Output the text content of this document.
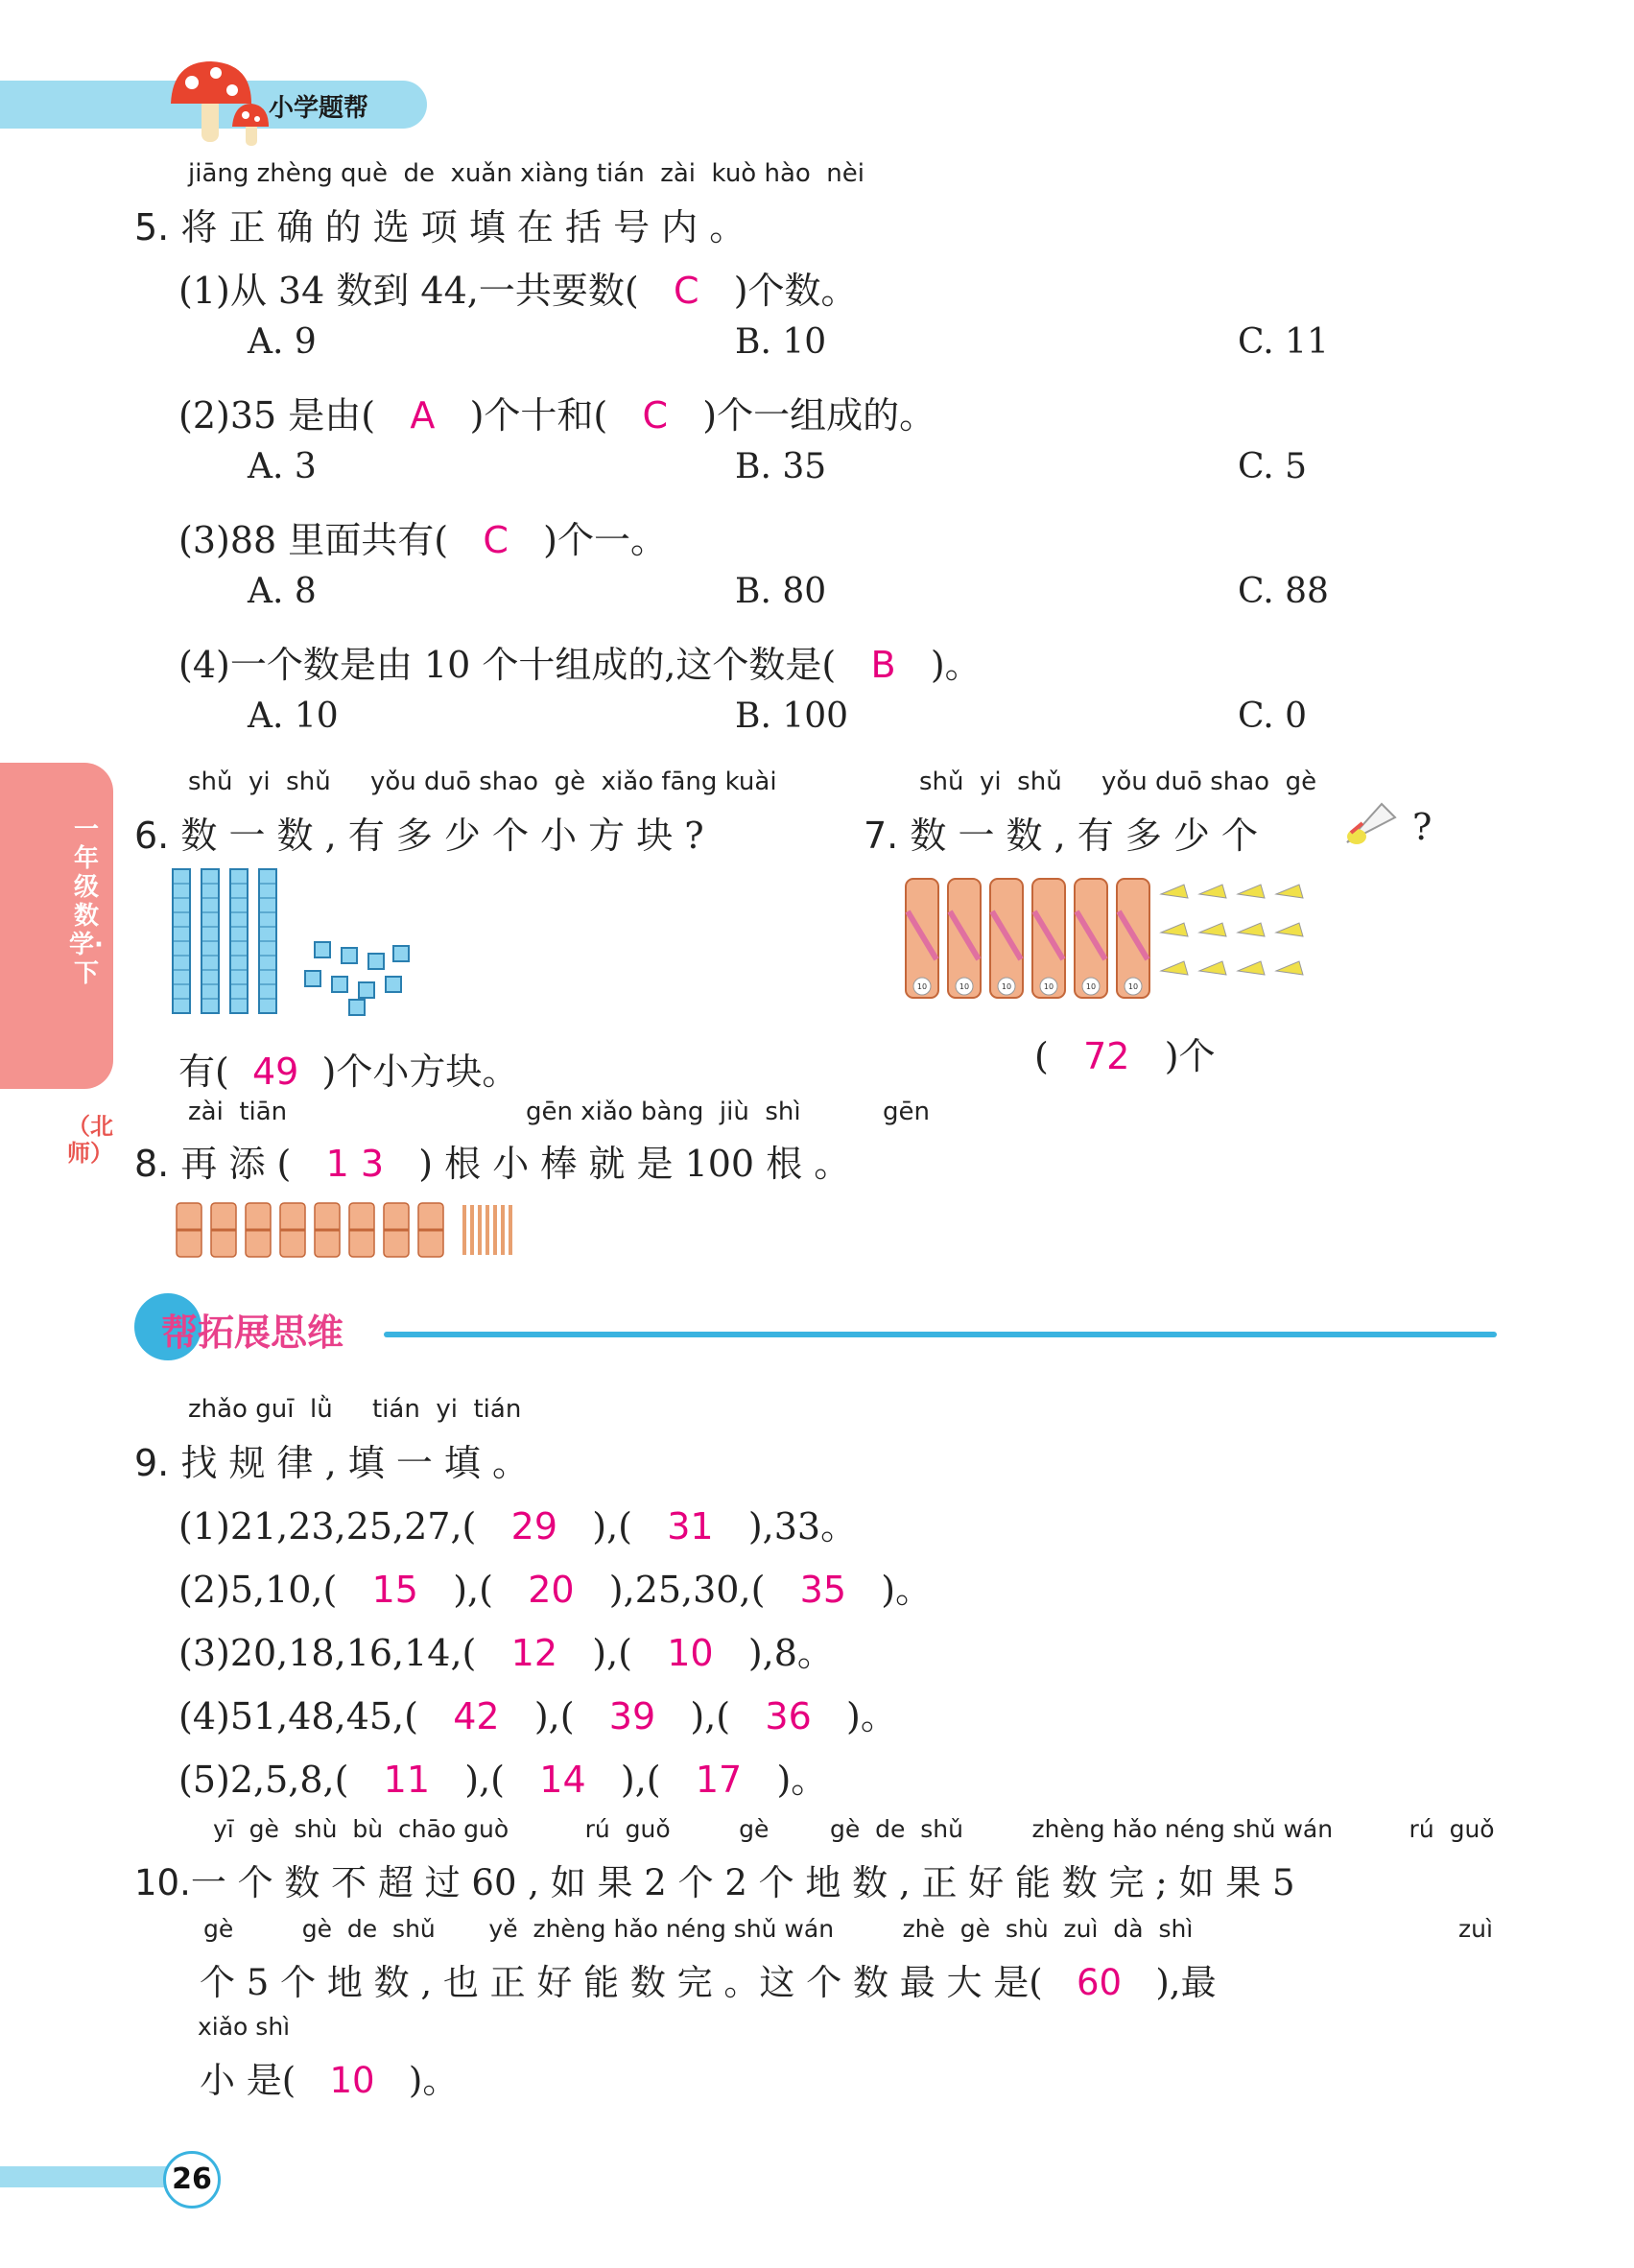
小学题帮
一年级数学·下
（北师）
jiāng zhèng què  de  xuǎn xiàng tián  zài  kuò hào  nèi
5. 将 正 确 的 选 项 填 在 括 号 内 。
(1)从 34 数到 44,一共要数( C )个数。
A. 9	B. 10	C. 11
(2)35 是由( A )个十和( C )个一组成的。
A. 3	B. 35	C. 5
(3)88 里面共有( C )个一。
A. 8	B. 80	C. 88
(4)一个数是由 10 个十组成的,这个数是( B )。
A. 10	B. 100	C. 0
shǔ  yi  shǔ     yǒu duō shao  gè  xiǎo fāng kuài
6. 数 一 数 , 有 多 少 个 小 方 块 ?
有( 49 )个小方块。
shǔ  yi  shǔ     yǒu duō shao  gè
7. 数 一 数 , 有 多 少 个	?
10	10	10	10	10	10
( 72 )个
zài  tiān	gēn xiǎo bàng  jiù  shì	gēn
8. 再 添 ( 1 3 ) 根 小 棒 就 是 100 根 。
帮拓展思维
zhǎo guī  lǜ     tián  yi  tián
9. 找 规 律 , 填 一 填 。
(1)21,23,25,27,( 29 ),( 31 ),33。
(2)5,10,( 15 ),( 20 ),25,30,( 35 )。
(3)20,18,16,14,( 12 ),( 10 ),8。
(4)51,48,45,( 42 ),( 39 ),( 36 )。
(5)2,5,8,( 11 ),( 14 ),( 17 )。
yī  gè  shù  bù  chāo guò          rú  guǒ         gè        gè  de  shǔ         zhèng hǎo néng shǔ wán          rú  guǒ
10.一 个 数 不 超 过 60 , 如 果 2 个 2 个 地 数 , 正 好 能 数 完 ; 如 果 5
gè         gè  de  shǔ       yě  zhèng hǎo néng shǔ wán         zhè  gè  shù  zuì  dà  shì	zuì
个 5 个 地 数 , 也 正 好 能 数 完 。这 个 数 最 大 是( 60 ),最
xiǎo shì
小 是( 10 )。
26
